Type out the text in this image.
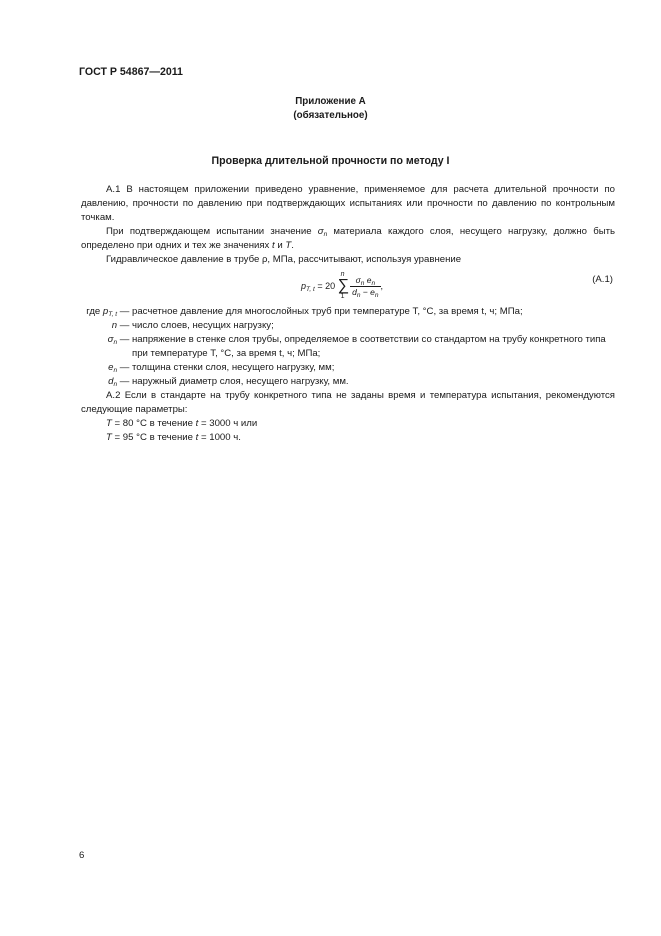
ГОСТ Р 54867—2011
Приложение А
(обязательное)
Проверка длительной прочности по методу I

А.1 В настоящем приложении приведено уравнение, применяемое для расчета длительной прочности по давлению, прочности по давлению при подтверждающих испытаниях или прочности по давлению по контрольным точкам.

При подтверждающем испытании значение $\sigma_n$ материала каждого слоя, несущего нагрузку, должно быть определено при одних и тех же значениях t и T.

Гидравлическое давление в трубе ρ, МПа, рассчитывают, используя уравнение

$p_{T, t} = 20$
n
∑
1
$\frac{\sigma_n e_n}{d_n - e_n}$ ,
(А.1)
где $p_{T, t}$ — расчетное давление для многослойных труб при температуре T, °С, за время t, ч; МПа;
n — число слоев, несущих нагрузку;
$\sigma_n$ — напряжение в стенке слоя трубы, определяемое в соответствии со стандартом на трубу конкретного типа при температуре T, °С, за время t, ч; МПа;
$e_n$ — толщина стенки слоя, несущего нагрузку, мм;
$d_n$ — наружный диаметр слоя, несущего нагрузку, мм.

А.2 Если в стандарте на трубу конкретного типа не заданы время и температура испытания, рекомендуются следующие параметры:

T = 80 °С в течение t = 3000 ч или
T = 95 °С в течение t = 1000 ч.
6
